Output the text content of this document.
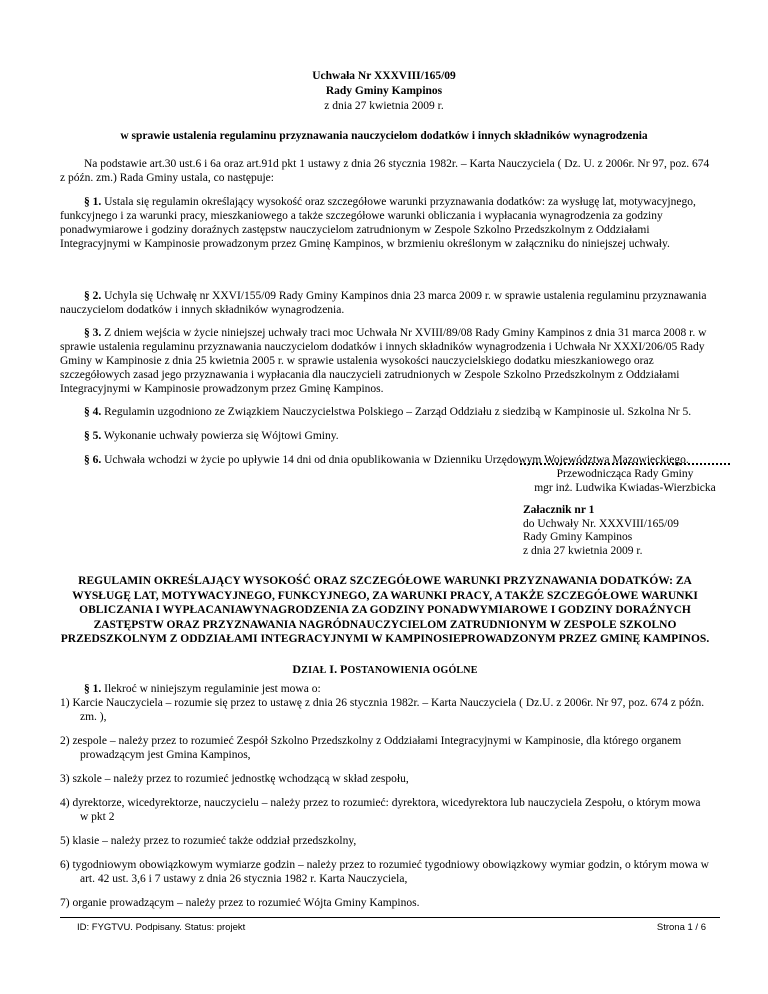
Uchwała Nr XXXVIII/165/09
Rady Gminy Kampinos
z dnia 27 kwietnia 2009 r.
w sprawie ustalenia regulaminu przyznawania nauczycielom dodatków i innych składników wynagrodzenia

Na podstawie art.30 ust.6 i 6a oraz art.91d pkt 1 ustawy z dnia 26 stycznia 1982r. – Karta Nauczyciela ( Dz. U. z 2006r. Nr 97, poz. 674 z późn. zm.) Rada Gminy ustala, co następuje:

§ 1. Ustala się regulamin określający wysokość oraz szczegółowe warunki przyznawania dodatków: za wysługę lat, motywacyjnego, funkcyjnego i za warunki pracy, mieszkaniowego a także szczegółowe warunki obliczania i wypłacania wynagrodzenia za godziny ponadwymiarowe i godziny doraźnych zastępstw nauczycielom zatrudnionym w Zespole Szkolno Przedszkolnym z Oddziałami Integracyjnymi w Kampinosie prowadzonym przez Gminę Kampinos, w brzmieniu określonym w załączniku do niniejszej uchwały.

§ 2. Uchyla się Uchwałę nr XXVI/155/09 Rady Gminy Kampinos dnia 23 marca 2009 r. w sprawie ustalenia regulaminu przyznawania nauczycielom dodatków i innych składników wynagrodzenia.

§ 3. Z dniem wejścia w życie niniejszej uchwały traci moc Uchwała Nr XVIII/89/08 Rady Gminy Kampinos z dnia 31 marca 2008 r. w sprawie ustalenia regulaminu przyznawania nauczycielom dodatków i innych składników wynagrodzenia i Uchwała Nr XXXI/206/05 Rady Gminy w Kampinosie z dnia 25 kwietnia 2005 r. w sprawie ustalenia wysokości nauczycielskiego dodatku mieszkaniowego oraz szczegółowych zasad jego przyznawania i wypłacania dla nauczycieli zatrudnionych w Zespole Szkolno Przedszkolnym z Oddziałami Integracyjnymi w Kampinosie prowadzonym przez Gminę Kampinos.

§ 4. Regulamin uzgodniono ze Związkiem Nauczycielstwa Polskiego – Zarząd Oddziału z siedzibą w Kampinosie ul. Szkolna Nr 5.

§ 5. Wykonanie uchwały powierza się Wójtowi Gminy.

§ 6. Uchwała wchodzi w życie po upływie 14 dni od dnia opublikowania w Dzienniku Urzędowym Województwa Mazowieckiego.

Przewodnicząca Rady Gminy
mgr inż. Ludwika Kwiadas-Wierzbicka
Załacznik nr 1
do Uchwały Nr. XXXVIII/165/09
Rady Gminy Kampinos
z dnia 27 kwietnia 2009 r.
REGULAMIN OKREŚLAJĄCY WYSOKOŚĆ ORAZ SZCZEGÓŁOWE WARUNKI PRZYZNAWANIA DODATKÓW: ZA WYSŁUGĘ LAT, MOTYWACYJNEGO, FUNKCYJNEGO, ZA WARUNKI PRACY, A TAKŻE SZCZEGÓŁOWE WARUNKI OBLICZANIA I WYPŁACANIAWYNAGRODZENIA ZA GODZINY PONADWYMIAROWE I GODZINY DORAŹNYCH ZASTĘPSTW ORAZ PRZYZNAWANIA NAGRÓDNAUCZYCIELOM ZATRUDNIONYM W ZESPOLE SZKOLNO PRZEDSZKOLNYM Z ODDZIAŁAMI INTEGRACYJNYMI W KAMPINOSIEPROWADZONYM PRZEZ GMINĘ KAMPINOS.
DZIAŁ I. POSTANOWIENIA OGÓLNE

§ 1. Ilekroć w niniejszym regulaminie jest mowa o:

1) Karcie Nauczyciela – rozumie się przez to ustawę z dnia 26 stycznia 1982r. – Karta Nauczyciela ( Dz.U. z 2006r. Nr 97, poz. 674 z późn. zm. ),
2) zespole – należy przez to rozumieć Zespół Szkolno Przedszkolny z Oddziałami Integracyjnymi w Kampinosie, dla którego organem prowadzącym jest Gmina Kampinos,
3) szkole – należy przez to rozumieć jednostkę wchodzącą w skład zespołu,
4) dyrektorze, wicedyrektorze, nauczycielu – należy przez to rozumieć: dyrektora, wicedyrektora lub nauczyciela Zespołu, o którym mowa w pkt 2
5) klasie – należy przez to rozumieć także oddział przedszkolny,
6) tygodniowym obowiązkowym wymiarze godzin – należy przez to rozumieć tygodniowy obowiązkowy wymiar godzin, o którym mowa w art. 42 ust. 3,6 i 7 ustawy z dnia 26 stycznia 1982 r. Karta Nauczyciela,
7) organie prowadzącym – należy przez to rozumieć Wójta Gminy Kampinos.
ID: FYGTVU. Podpisany. Status: projekt	Strona 1 / 6
